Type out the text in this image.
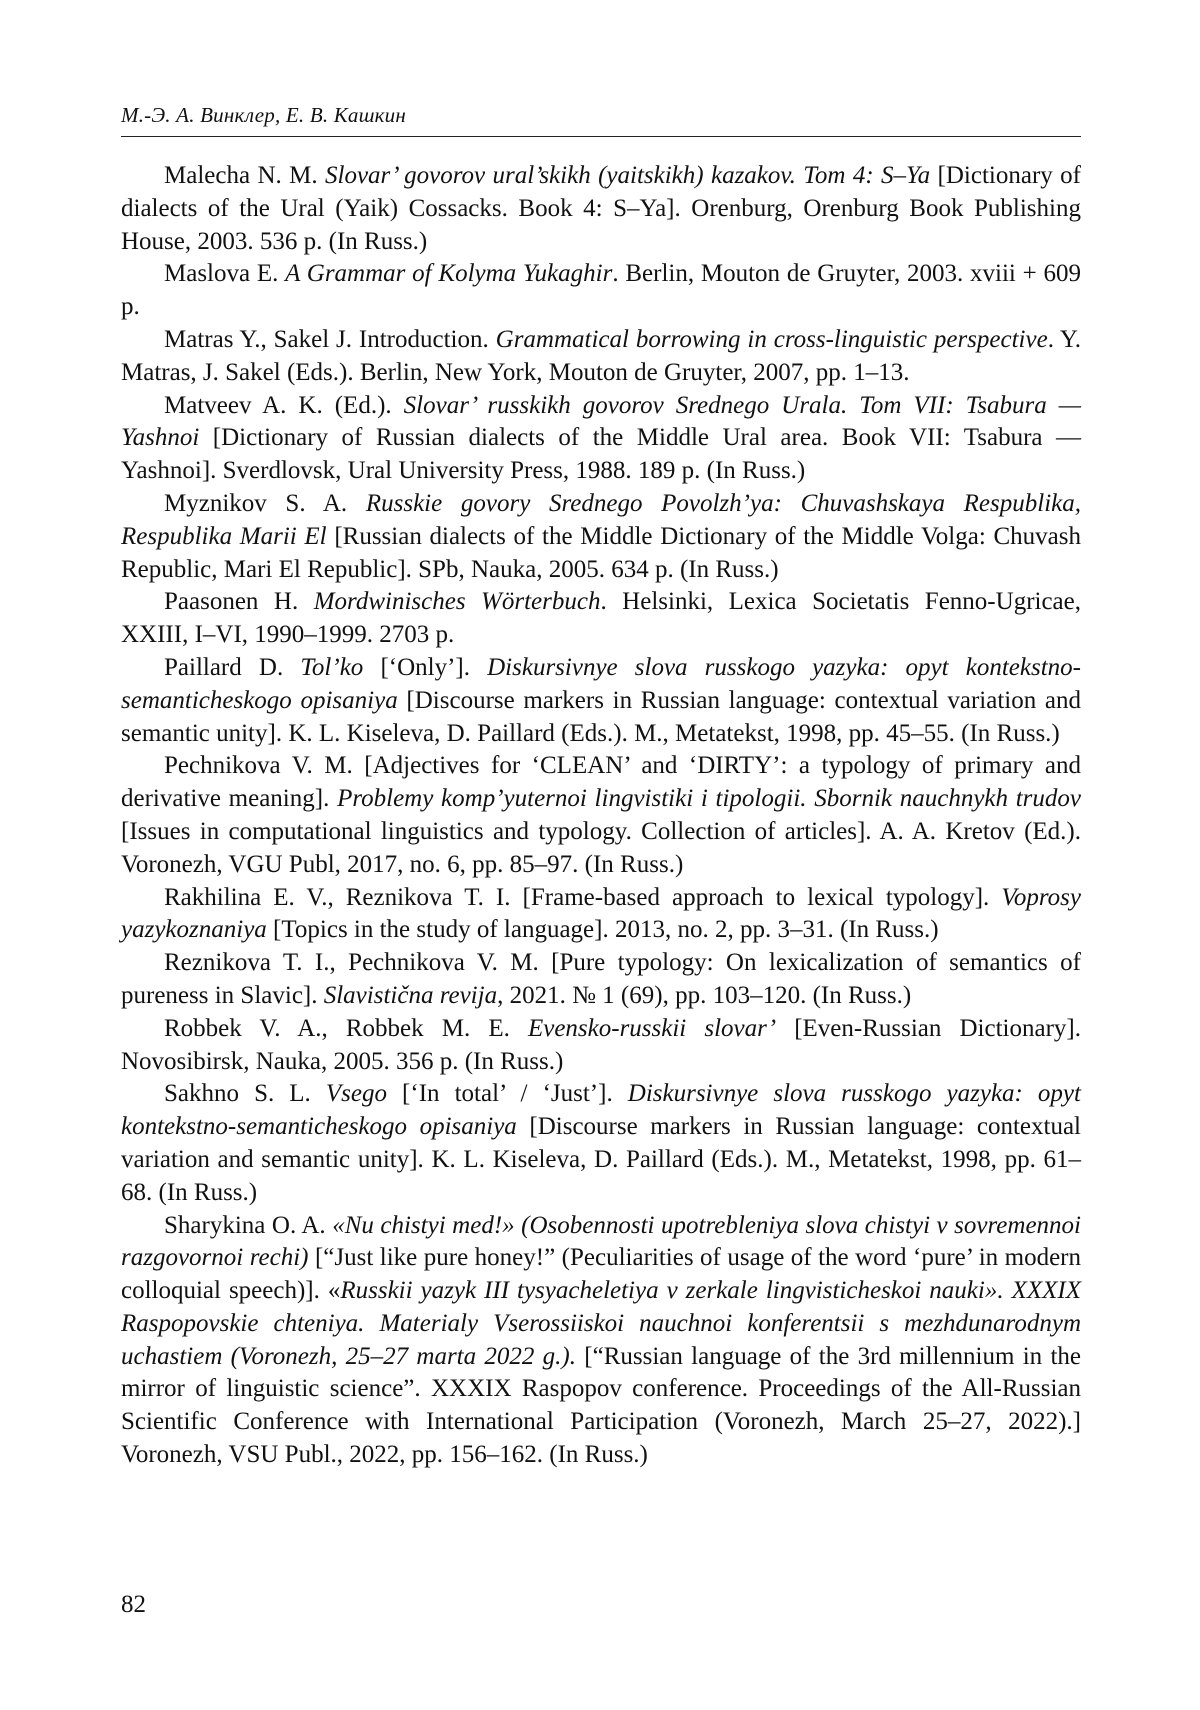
М.-Э. А. Винклер, Е. В. Кашкин

Malecha N. M. Slovar’ govorov ural’skikh (yaitskikh) kazakov. Tom 4: S–Ya [Dictionary of dialects of the Ural (Yaik) Cossacks. Book 4: S–Ya]. Orenburg, Orenburg Book Publishing House, 2003. 536 p. (In Russ.)

Maslova E. A Grammar of Kolyma Yukaghir. Berlin, Mouton de Gruyter, 2003. xviii + 609 p.

Matras Y., Sakel J. Introduction. Grammatical borrowing in cross-linguistic perspective. Y. Matras, J. Sakel (Eds.). Berlin, New York, Mouton de Gruyter, 2007, pp. 1–13.

Matveev A. K. (Ed.). Slovar’ russkikh govorov Srednego Urala. Tom VII: Tsabura — Yashnoi [Dictionary of Russian dialects of the Middle Ural area. Book VII: Tsabura — Yashnoi]. Sverdlovsk, Ural University Press, 1988. 189 p. (In Russ.)

Myznikov S. A. Russkie govory Srednego Povolzh’ya: Chuvashskaya Respublika, Respublika Marii El [Russian dialects of the Middle Dictionary of the Middle Volga: Chuvash Republic, Mari El Republic]. SPb, Nauka, 2005. 634 p. (In Russ.)

Paasonen H. Mordwinisches Wörterbuch. Helsinki, Lexica Societatis Fenno-Ugricae, XXIII, I–VI, 1990–1999. 2703 p.

Paillard D. Tol’ko [‘Only’]. Diskursivnye slova russkogo yazyka: opyt kontekstno-semanticheskogo opisaniya [Discourse markers in Russian language: contextual variation and semantic unity]. K. L. Kiseleva, D. Paillard (Eds.). M., Metatekst, 1998, pp. 45–55. (In Russ.)

Pechnikova V. M. [Adjectives for ‘CLEAN’ and ‘DIRTY’: a typology of primary and derivative meaning]. Problemy komp’yuternoi lingvistiki i tipologii. Sbornik nauchnykh trudov [Issues in computational linguistics and typology. Collection of articles]. A. A. Kretov (Ed.). Voronezh, VGU Publ, 2017, no. 6, pp. 85–97. (In Russ.)

Rakhilina E. V., Reznikova T. I. [Frame-based approach to lexical typology]. Voprosy yazykoznaniya [Topics in the study of language]. 2013, no. 2, pp. 3–31. (In Russ.)

Reznikova T. I., Pechnikova V. M. [Pure typology: On lexicalization of semantics of pureness in Slavic]. Slavistična revija, 2021. № 1 (69), pp. 103–120. (In Russ.)

Robbek V. A., Robbek M. E. Evensko-russkii slovar’ [Even-Russian Dictionary]. Novosibirsk, Nauka, 2005. 356 p. (In Russ.)

Sakhno S. L. Vsego [‘In total’ / ‘Just’]. Diskursivnye slova russkogo yazyka: opyt kontekstno-semanticheskogo opisaniya [Discourse markers in Russian language: contextual variation and semantic unity]. K. L. Kiseleva, D. Paillard (Eds.). M., Metatekst, 1998, pp. 61–68. (In Russ.)

Sharykina O. A. «Nu chistyi med!» (Osobennosti upotrebleniya slova chistyi v sovremennoi razgovornoi rechi) [“Just like pure honey!” (Peculiarities of usage of the word ‘pure’ in modern colloquial speech)]. «Russkii yazyk III tysyacheletiya v zerkale lingvisticheskoi nauki». XXXIX Raspopovskie chteniya. Materialy Vserossiiskoi nauchnoi konferentsii s mezhdunarodnym uchastiem (Voronezh, 25–27 marta 2022 g.). [“Russian language of the 3rd millennium in the mirror of linguistic science”. XXXIX Raspopov conference. Proceedings of the All-Russian Scientific Conference with International Participation (Voronezh, March 25–27, 2022).] Voronezh, VSU Publ., 2022, pp. 156–162. (In Russ.)

82
